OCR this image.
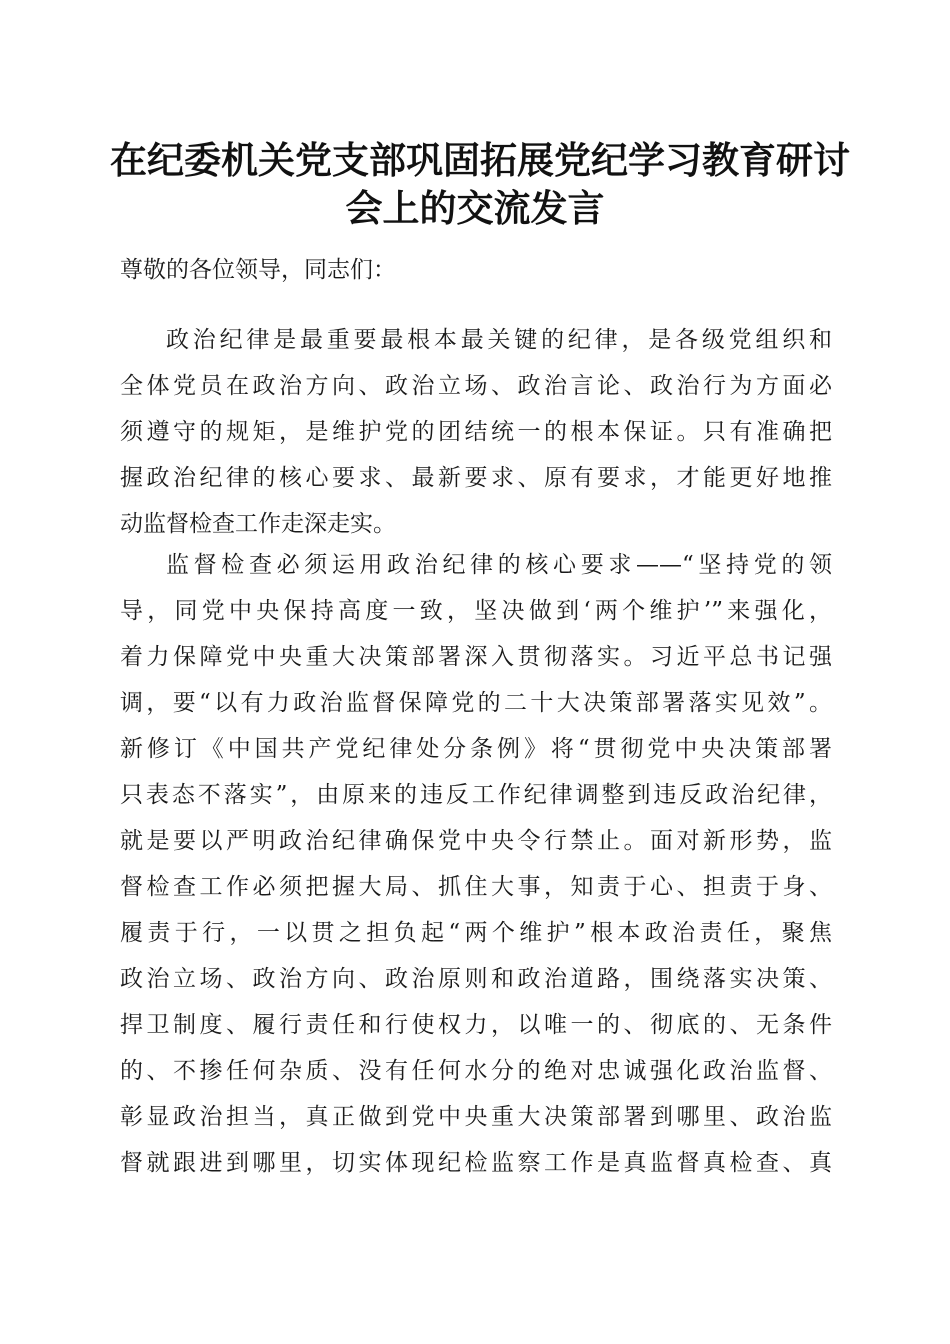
在纪委机关党支部巩固拓展党纪学习教育研讨
会上的交流发言
尊敬的各位领导，同志们：
政治纪律是最重要最根本最关键的纪律，是各级党组织和
全体党员在政治方向、政治立场、政治言论、政治行为方面必
须遵守的规矩，是维护党的团结统一的根本保证。只有准确把
握政治纪律的核心要求、最新要求、原有要求，才能更好地推
动监督检查工作走深走实。
监督检查必须运用政治纪律的核心要求——“坚持党的领
导，同党中央保持高度一致，坚决做到‘两个维护’”来强化，
着力保障党中央重大决策部署深入贯彻落实。习近平总书记强
调，要“以有力政治监督保障党的二十大决策部署落实见效”。
新修订《中国共产党纪律处分条例》将“贯彻党中央决策部署
只表态不落实”，由原来的违反工作纪律调整到违反政治纪律，
就是要以严明政治纪律确保党中央令行禁止。面对新形势，监
督检查工作必须把握大局、抓住大事，知责于心、担责于身、
履责于行，一以贯之担负起“两个维护”根本政治责任，聚焦
政治立场、政治方向、政治原则和政治道路，围绕落实决策、
捍卫制度、履行责任和行使权力，以唯一的、彻底的、无条件
的、不掺任何杂质、没有任何水分的绝对忠诚强化政治监督、
彰显政治担当，真正做到党中央重大决策部署到哪里、政治监
督就跟进到哪里，切实体现纪检监察工作是真监督真检查、真
